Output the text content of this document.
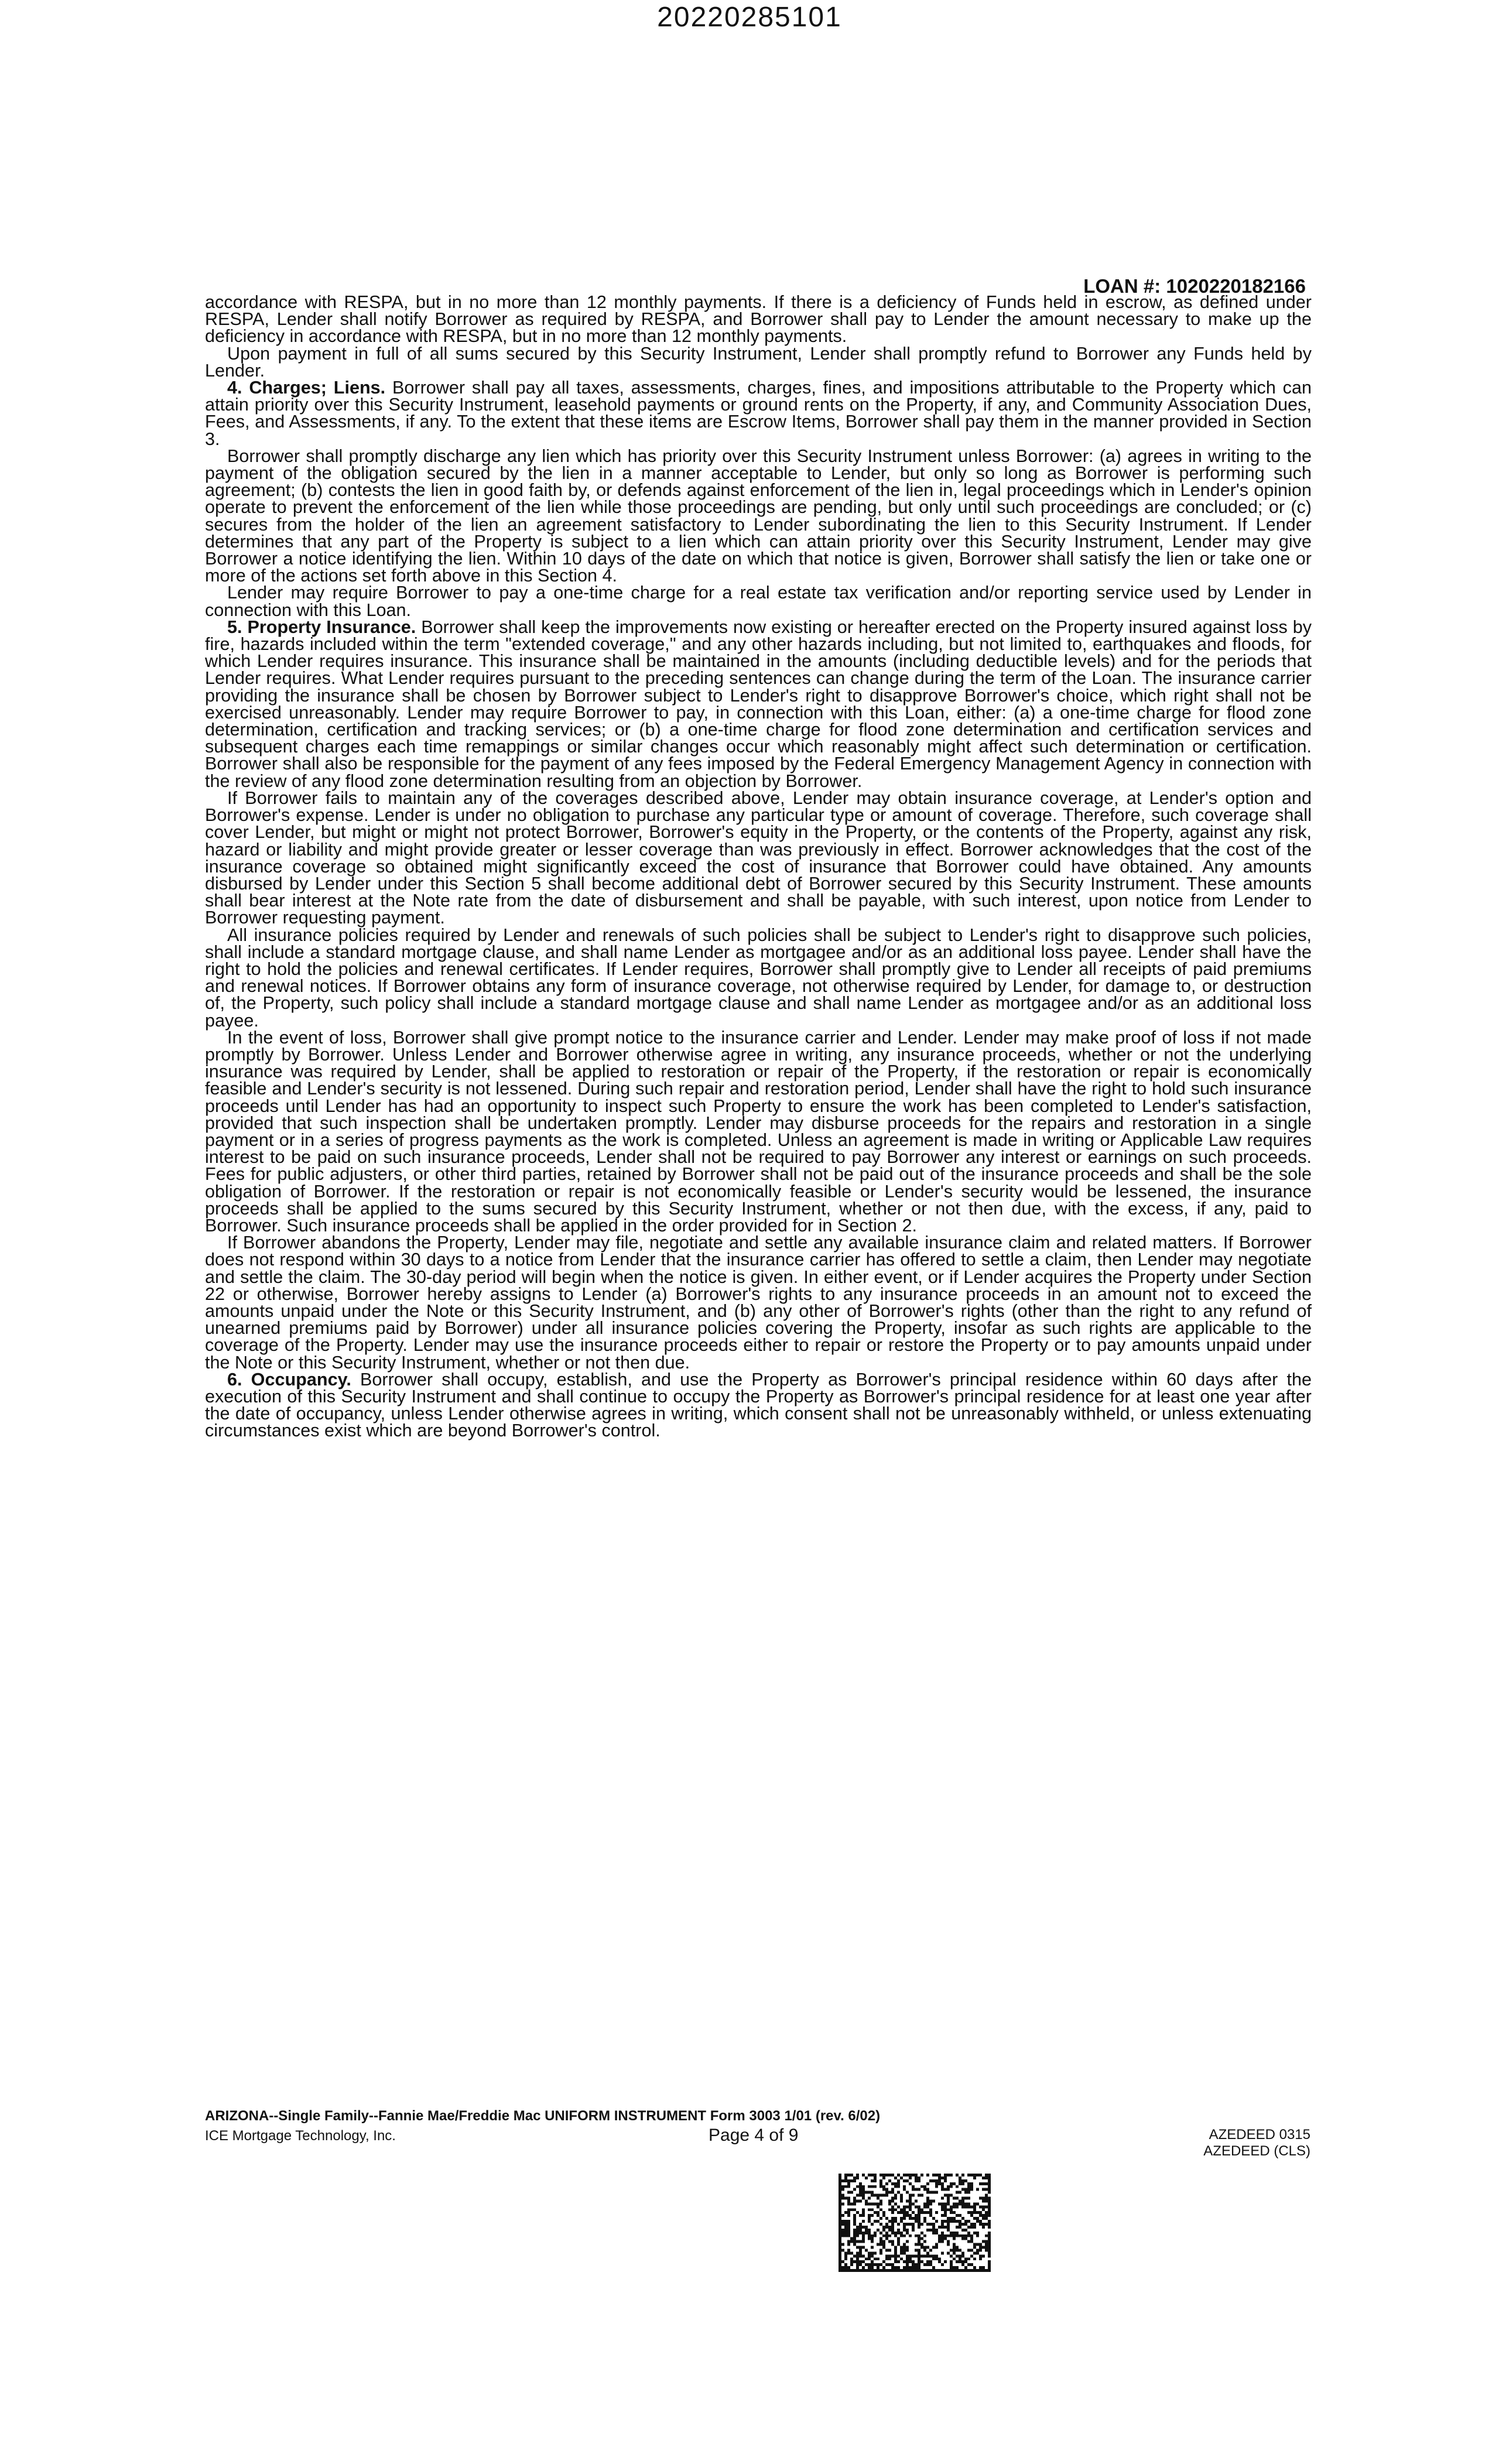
20220285101
LOAN #: 1020220182166

accordance with RESPA, but in no more than 12 monthly payments. If there is a deficiency of Funds held in escrow, as defined under RESPA, Lender shall notify Borrower as required by RESPA, and Borrower shall pay to Lender the amount necessary to make up the deficiency in accordance with RESPA, but in no more than 12 monthly payments.

Upon payment in full of all sums secured by this Security Instrument, Lender shall promptly refund to Borrower any Funds held by Lender.

4. Charges; Liens. Borrower shall pay all taxes, assessments, charges, fines, and impositions attributable to the Property which can attain priority over this Security Instrument, leasehold payments or ground rents on the Property, if any, and Community Association Dues, Fees, and Assessments, if any. To the extent that these items are Escrow Items, Borrower shall pay them in the manner provided in Section 3.

Borrower shall promptly discharge any lien which has priority over this Security Instrument unless Borrower: (a) agrees in writing to the payment of the obligation secured by the lien in a manner acceptable to Lender, but only so long as Borrower is performing such agreement; (b) contests the lien in good faith by, or defends against enforcement of the lien in, legal proceedings which in Lender's opinion operate to prevent the enforcement of the lien while those proceedings are pending, but only until such proceedings are concluded; or (c) secures from the holder of the lien an agreement satisfactory to Lender subordinating the lien to this Security Instrument. If Lender determines that any part of the Property is subject to a lien which can attain priority over this Security Instrument, Lender may give Borrower a notice identifying the lien. Within 10 days of the date on which that notice is given, Borrower shall satisfy the lien or take one or more of the actions set forth above in this Section 4.

Lender may require Borrower to pay a one-time charge for a real estate tax verification and/or reporting service used by Lender in connection with this Loan.

5. Property Insurance. Borrower shall keep the improvements now existing or hereafter erected on the Property insured against loss by fire, hazards included within the term "extended coverage," and any other hazards including, but not limited to, earthquakes and floods, for which Lender requires insurance. This insurance shall be maintained in the amounts (including deductible levels) and for the periods that Lender requires. What Lender requires pursuant to the preceding sentences can change during the term of the Loan. The insurance carrier providing the insurance shall be chosen by Borrower subject to Lender's right to disapprove Borrower's choice, which right shall not be exercised unreasonably. Lender may require Borrower to pay, in connection with this Loan, either: (a) a one-time charge for flood zone determination, certification and tracking services; or (b) a one-time charge for flood zone determination and certification services and subsequent charges each time remappings or similar changes occur which reasonably might affect such determination or certification. Borrower shall also be responsible for the payment of any fees imposed by the Federal Emergency Management Agency in connection with the review of any flood zone determination resulting from an objection by Borrower.

If Borrower fails to maintain any of the coverages described above, Lender may obtain insurance coverage, at Lender's option and Borrower's expense. Lender is under no obligation to purchase any particular type or amount of coverage. Therefore, such coverage shall cover Lender, but might or might not protect Borrower, Borrower's equity in the Property, or the contents of the Property, against any risk, hazard or liability and might provide greater or lesser coverage than was previously in effect. Borrower acknowledges that the cost of the insurance coverage so obtained might significantly exceed the cost of insurance that Borrower could have obtained. Any amounts disbursed by Lender under this Section 5 shall become additional debt of Borrower secured by this Security Instrument. These amounts shall bear interest at the Note rate from the date of disbursement and shall be payable, with such interest, upon notice from Lender to Borrower requesting payment.

All insurance policies required by Lender and renewals of such policies shall be subject to Lender's right to disapprove such policies, shall include a standard mortgage clause, and shall name Lender as mortgagee and/or as an additional loss payee. Lender shall have the right to hold the policies and renewal certificates. If Lender requires, Borrower shall promptly give to Lender all receipts of paid premiums and renewal notices. If Borrower obtains any form of insurance coverage, not otherwise required by Lender, for damage to, or destruction of, the Property, such policy shall include a standard mortgage clause and shall name Lender as mortgagee and/or as an additional loss payee.

In the event of loss, Borrower shall give prompt notice to the insurance carrier and Lender. Lender may make proof of loss if not made promptly by Borrower. Unless Lender and Borrower otherwise agree in writing, any insurance proceeds, whether or not the underlying insurance was required by Lender, shall be applied to restoration or repair of the Property, if the restoration or repair is economically feasible and Lender's security is not lessened. During such repair and restoration period, Lender shall have the right to hold such insurance proceeds until Lender has had an opportunity to inspect such Property to ensure the work has been completed to Lender's satisfaction, provided that such inspection shall be undertaken promptly. Lender may disburse proceeds for the repairs and restoration in a single payment or in a series of progress payments as the work is completed. Unless an agreement is made in writing or Applicable Law requires interest to be paid on such insurance proceeds, Lender shall not be required to pay Borrower any interest or earnings on such proceeds. Fees for public adjusters, or other third parties, retained by Borrower shall not be paid out of the insurance proceeds and shall be the sole obligation of Borrower. If the restoration or repair is not economically feasible or Lender's security would be lessened, the insurance proceeds shall be applied to the sums secured by this Security Instrument, whether or not then due, with the excess, if any, paid to Borrower. Such insurance proceeds shall be applied in the order provided for in Section 2.

If Borrower abandons the Property, Lender may file, negotiate and settle any available insurance claim and related matters. If Borrower does not respond within 30 days to a notice from Lender that the insurance carrier has offered to settle a claim, then Lender may negotiate and settle the claim. The 30-day period will begin when the notice is given. In either event, or if Lender acquires the Property under Section 22 or otherwise, Borrower hereby assigns to Lender (a) Borrower's rights to any insurance proceeds in an amount not to exceed the amounts unpaid under the Note or this Security Instrument, and (b) any other of Borrower's rights (other than the right to any refund of unearned premiums paid by Borrower) under all insurance policies covering the Property, insofar as such rights are applicable to the coverage of the Property. Lender may use the insurance proceeds either to repair or restore the Property or to pay amounts unpaid under the Note or this Security Instrument, whether or not then due.

6. Occupancy. Borrower shall occupy, establish, and use the Property as Borrower's principal residence within 60 days after the execution of this Security Instrument and shall continue to occupy the Property as Borrower's principal residence for at least one year after the date of occupancy, unless Lender otherwise agrees in writing, which consent shall not be unreasonably withheld, or unless extenuating circumstances exist which are beyond Borrower's control.

ARIZONA--Single Family--Fannie Mae/Freddie Mac UNIFORM INSTRUMENT Form 3003 1/01 (rev. 6/02)
ICE Mortgage Technology, Inc.	Page 4 of 9	AZEDEED 0315
AZEDEED (CLS)
